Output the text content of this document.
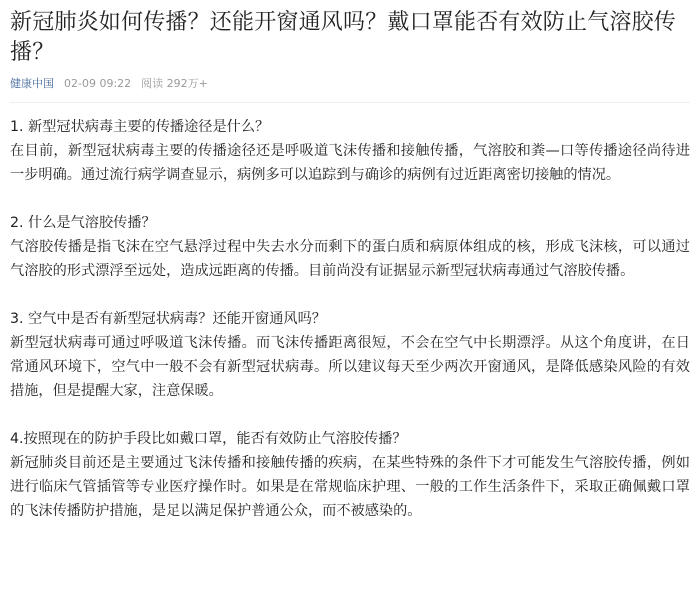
新冠肺炎如何传播？还能开窗通风吗？戴口罩能否有效防止气溶胶传播？
健康中国 02-09 09:22 阅读 292万+

1. 新型冠状病毒主要的传播途径是什么？

在目前，新型冠状病毒主要的传播途径还是呼吸道飞沫传播和接触传播，气溶胶和粪—口等传播途径尚待进一步明确。通过流行病学调查显示，病例多可以追踪到与确诊的病例有过近距离密切接触的情况。

2. 什么是气溶胶传播？

气溶胶传播是指飞沫在空气悬浮过程中失去水分而剩下的蛋白质和病原体组成的核，形成飞沫核，可以通过气溶胶的形式漂浮至远处，造成远距离的传播。目前尚没有证据显示新型冠状病毒通过气溶胶传播。

3. 空气中是否有新型冠状病毒？还能开窗通风吗？

新型冠状病毒可通过呼吸道飞沫传播。而飞沫传播距离很短，不会在空气中长期漂浮。从这个角度讲，在日常通风环境下，空气中一般不会有新型冠状病毒。所以建议每天至少两次开窗通风，是降低感染风险的有效措施，但是提醒大家，注意保暖。

4.按照现在的防护手段比如戴口罩，能否有效防止气溶胶传播？

新冠肺炎目前还是主要通过飞沫传播和接触传播的疾病，在某些特殊的条件下才可能发生气溶胶传播，例如进行临床气管插管等专业医疗操作时。如果是在常规临床护理、一般的工作生活条件下，采取正确佩戴口罩的飞沫传播防护措施，是足以满足保护普通公众，而不被感染的。
